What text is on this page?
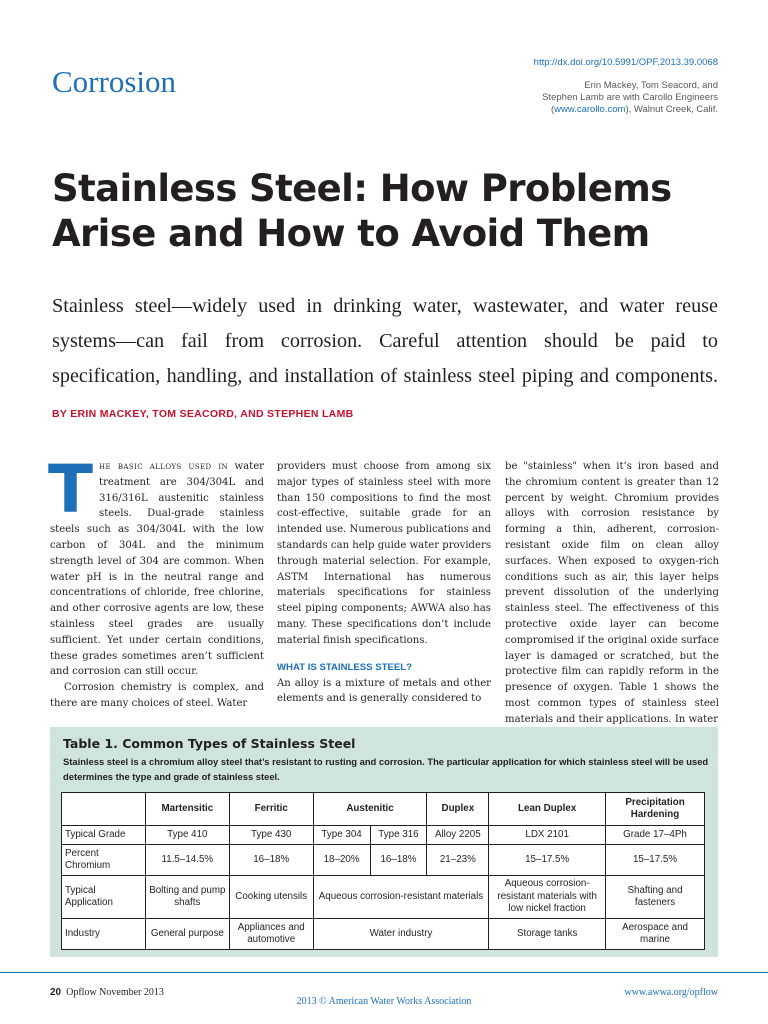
Corrosion
http://dx.doi.org/10.5991/OPF.2013.39.0068
Erin Mackey, Tom Seacord, and
Stephen Lamb are with Carollo Engineers
(www.carollo.com), Walnut Creek, Calif.
Stainless Steel: How Problems
Arise and How to Avoid Them

Stainless steel—widely used in drinking water, wastewater, and water reuse systems—can fail from corrosion. Careful attention should be paid to specification, handling, and installation of stainless steel piping and components. BY ERIN MACKEY, TOM SEACORD, AND STEPHEN LAMB

The basic alloys used in water treatment are 304/304L and 316/316L austenitic stainless steels. Dual-grade stainless steels such as 304/304L with the low carbon of 304L and the minimum strength level of 304 are common. When water pH is in the neutral range and concentrations of chloride, free chlorine, and other corrosive agents are low, these stainless steel grades are usually sufficient. Yet under certain conditions, these grades sometimes aren’t sufficient and corrosion can still occur.

Corrosion chemistry is complex, and there are many choices of steel. Water

providers must choose from among six major types of stainless steel with more than 150 compositions to find the most cost-effective, suitable grade for an intended use. Numerous publications and standards can help guide water providers through material selection. For example, ASTM International has numerous materials specifications for stainless steel piping components; AWWA also has many. These specifications don’t include material finish specifications.

WHAT IS STAINLESS STEEL?

An alloy is a mixture of metals and other elements and is generally considered to

be "stainless" when it’s iron based and the chromium content is greater than 12 percent by weight. Chromium provides alloys with corrosion resistance by forming a thin, adherent, corrosion-resistant oxide film on clean alloy surfaces. When exposed to oxygen-rich conditions such as air, this layer helps prevent dissolution of the underlying stainless steel. The effectiveness of this protective oxide layer can become compromised if the original oxide surface layer is damaged or scratched, but the protective film can rapidly reform in the presence of oxygen. Table 1 shows the most common types of stainless steel materials and their applications. In water

Table 1. Common Types of Stainless Steel
Stainless steel is a chromium alloy steel that’s resistant to rusting and corrosion. The particular application for which stainless steel will be used determines the type and grade of stainless steel.
	Martensitic	Ferritic	Austenitic		Duplex	Lean Duplex	Precipitation
Hardening
Typical Grade	Type 410	Type 430	Type 304	Type 316	Alloy 2205	LDX 2101	Grade 17–4Ph
Percent Chromium	11.5–14.5%	16–18%	18–20%	16–18%	21–23%	15–17.5%	15–17.5%
Typical Application	Bolting and pump shafts	Cooking utensils	Aqueous corrosion-resistant materials			Aqueous corrosion-resistant materials with low nickel fraction	Shafting and fasteners
Industry	General purpose	Appliances and automotive	Water industry			Storage tanks	Aerospace and marine
20 Opflow November 2013
2013 © American Water Works Association
www.awwa.org/opflow
